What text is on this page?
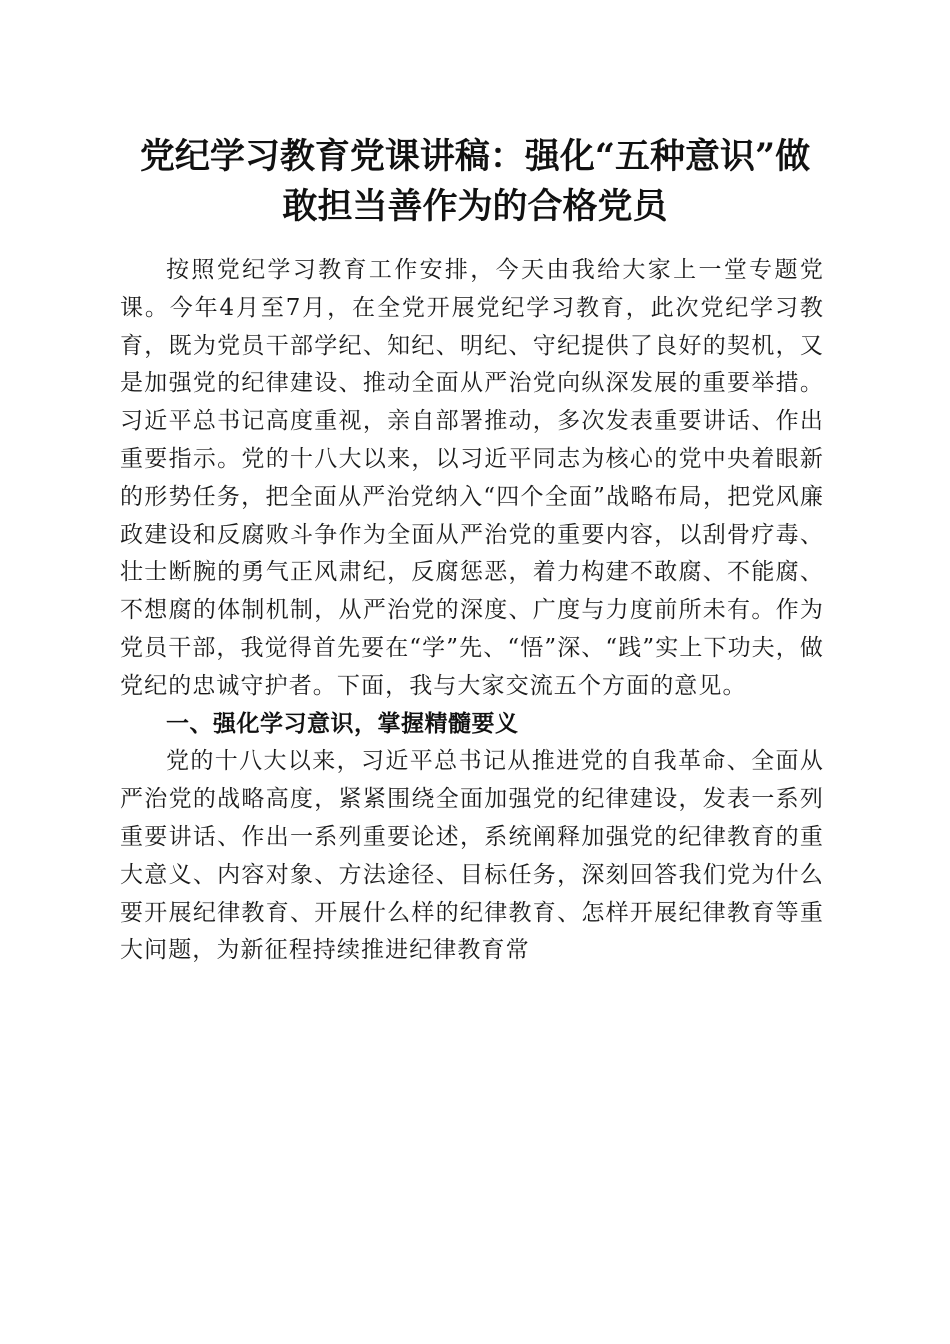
党纪学习教育党课讲稿：强化“五种意识”做
敢担当善作为的合格党员

按照党纪学习教育工作安排，今天由我给大家上一堂专题党课。今年4月至7月，在全党开展党纪学习教育，此次党纪学习教育，既为党员干部学纪、知纪、明纪、守纪提供了良好的契机，又是加强党的纪律建设、推动全面从严治党向纵深发展的重要举措。习近平总书记高度重视，亲自部署推动，多次发表重要讲话、作出重要指示。党的十八大以来，以习近平同志为核心的党中央着眼新的形势任务，把全面从严治党纳入“四个全面”战略布局，把党风廉政建设和反腐败斗争作为全面从严治党的重要内容，以刮骨疗毒、壮士断腕的勇气正风肃纪，反腐惩恶，着力构建不敢腐、不能腐、不想腐的体制机制，从严治党的深度、广度与力度前所未有。作为党员干部，我觉得首先要在“学”先、“悟”深、“践”实上下功夫，做党纪的忠诚守护者。下面，我与大家交流五个方面的意见。

一、强化学习意识，掌握精髓要义

党的十八大以来，习近平总书记从推进党的自我革命、全面从严治党的战略高度，紧紧围绕全面加强党的纪律建设，发表一系列重要讲话、作出一系列重要论述，系统阐释加强党的纪律教育的重大意义、内容对象、方法途径、目标任务，深刻回答我们党为什么要开展纪律教育、开展什么样的纪律教育、怎样开展纪律教育等重大问题，为新征程持续推进纪律教育常
